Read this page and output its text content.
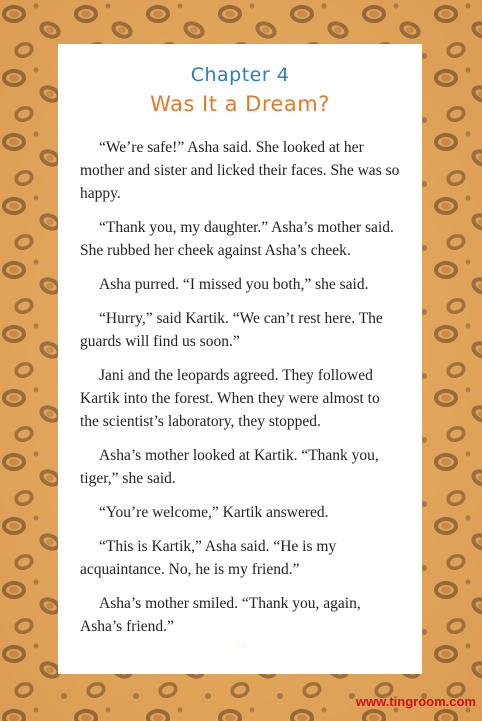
Chapter 4
Was It a Dream?

“We’re safe!” Asha said. She looked at her mother and sister and licked their faces. She was so happy.

“Thank you, my daughter.” Asha’s mother said. She rubbed her cheek against Asha’s cheek.

Asha purred. “I missed you both,” she said.

“Hurry,” said Kartik. “We can’t rest here. The guards will find us soon.”

Jani and the leopards agreed. They followed Kartik into the forest. When they were almost to the scientist’s laboratory, they stopped.

Asha’s mother looked at Kartik. “Thank you, tiger,” she said.

“You’re welcome,” Kartik answered.

“This is Kartik,” Asha said. “He is my acquaintance. No, he is my friend.”

Asha’s mother smiled. “Thank you, again, Asha’s friend.”

16
www.tingroom.com
